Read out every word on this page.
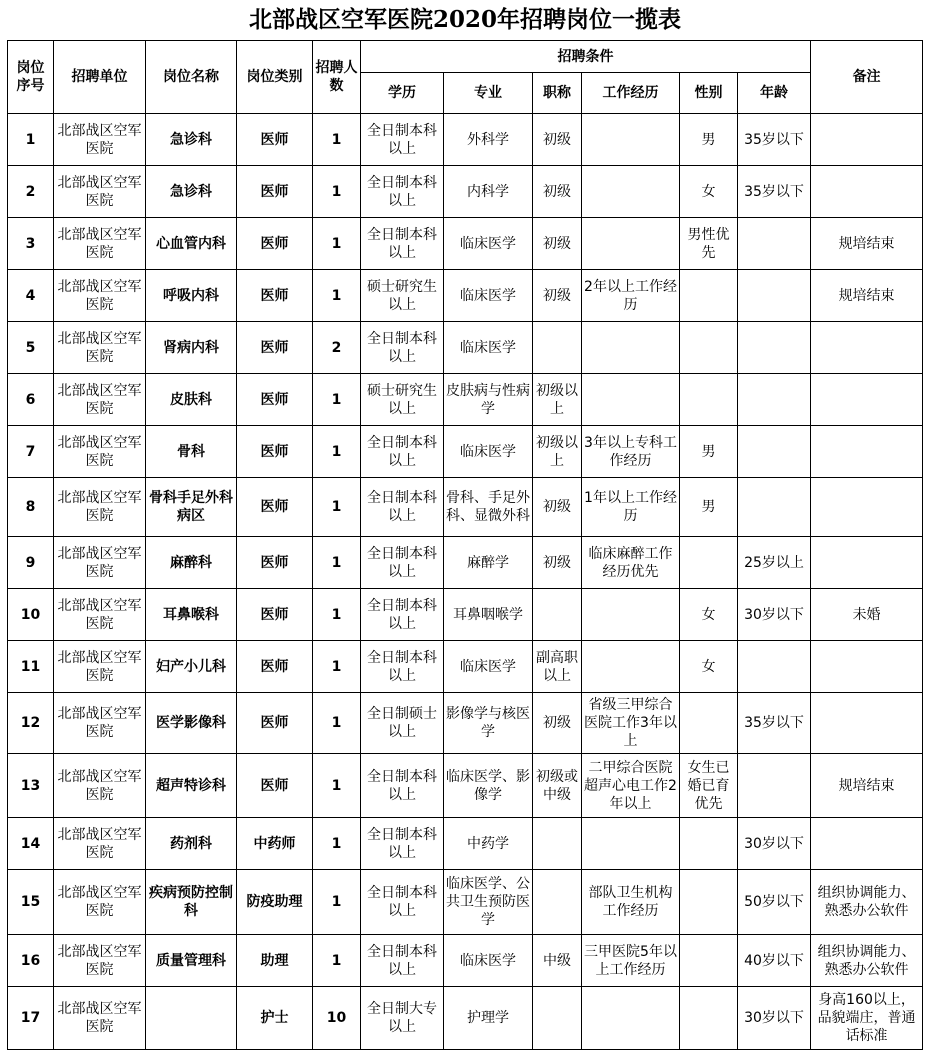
北部战区空军医院2020年招聘岗位一揽表
岗位序号	招聘单位	岗位名称	岗位类别	招聘人数	招聘条件						备注
					学历	专业	职称	工作经历	性别	年龄	
1	北部战区空军医院	急诊科	医师	1	全日制本科以上	外科学	初级		男	35岁以下	
2	北部战区空军医院	急诊科	医师	1	全日制本科以上	内科学	初级		女	35岁以下	
3	北部战区空军医院	心血管内科	医师	1	全日制本科以上	临床医学	初级		男性优先		规培结束
4	北部战区空军医院	呼吸内科	医师	1	硕士研究生以上	临床医学	初级	2年以上工作经历			规培结束
5	北部战区空军医院	肾病内科	医师	2	全日制本科以上	临床医学					
6	北部战区空军医院	皮肤科	医师	1	硕士研究生以上	皮肤病与性病学	初级以上				
7	北部战区空军医院	骨科	医师	1	全日制本科以上	临床医学	初级以上	3年以上专科工作经历	男		
8	北部战区空军医院	骨科手足外科病区	医师	1	全日制本科以上	骨科、手足外科、显微外科	初级	1年以上工作经历	男		
9	北部战区空军医院	麻醉科	医师	1	全日制本科以上	麻醉学	初级	临床麻醉工作经历优先		25岁以上	
10	北部战区空军医院	耳鼻喉科	医师	1	全日制本科以上	耳鼻咽喉学			女	30岁以下	未婚
11	北部战区空军医院	妇产小儿科	医师	1	全日制本科以上	临床医学	副高职以上		女		
12	北部战区空军医院	医学影像科	医师	1	全日制硕士以上	影像学与核医学	初级	省级三甲综合医院工作3年以上		35岁以下	
13	北部战区空军医院	超声特诊科	医师	1	全日制本科以上	临床医学、影像学	初级或中级	二甲综合医院超声心电工作2年以上	女生已婚已育优先		规培结束
14	北部战区空军医院	药剂科	中药师	1	全日制本科以上	中药学				30岁以下	
15	北部战区空军医院	疾病预防控制科	防疫助理	1	全日制本科以上	临床医学、公共卫生预防医学		部队卫生机构工作经历		50岁以下	组织协调能力、熟悉办公软件
16	北部战区空军医院	质量管理科	助理	1	全日制本科以上	临床医学	中级	三甲医院5年以上工作经历		40岁以下	组织协调能力、熟悉办公软件
17	北部战区空军医院		护士	10	全日制大专以上	护理学				30岁以下	身高160以上，品貌端庄，普通话标准
